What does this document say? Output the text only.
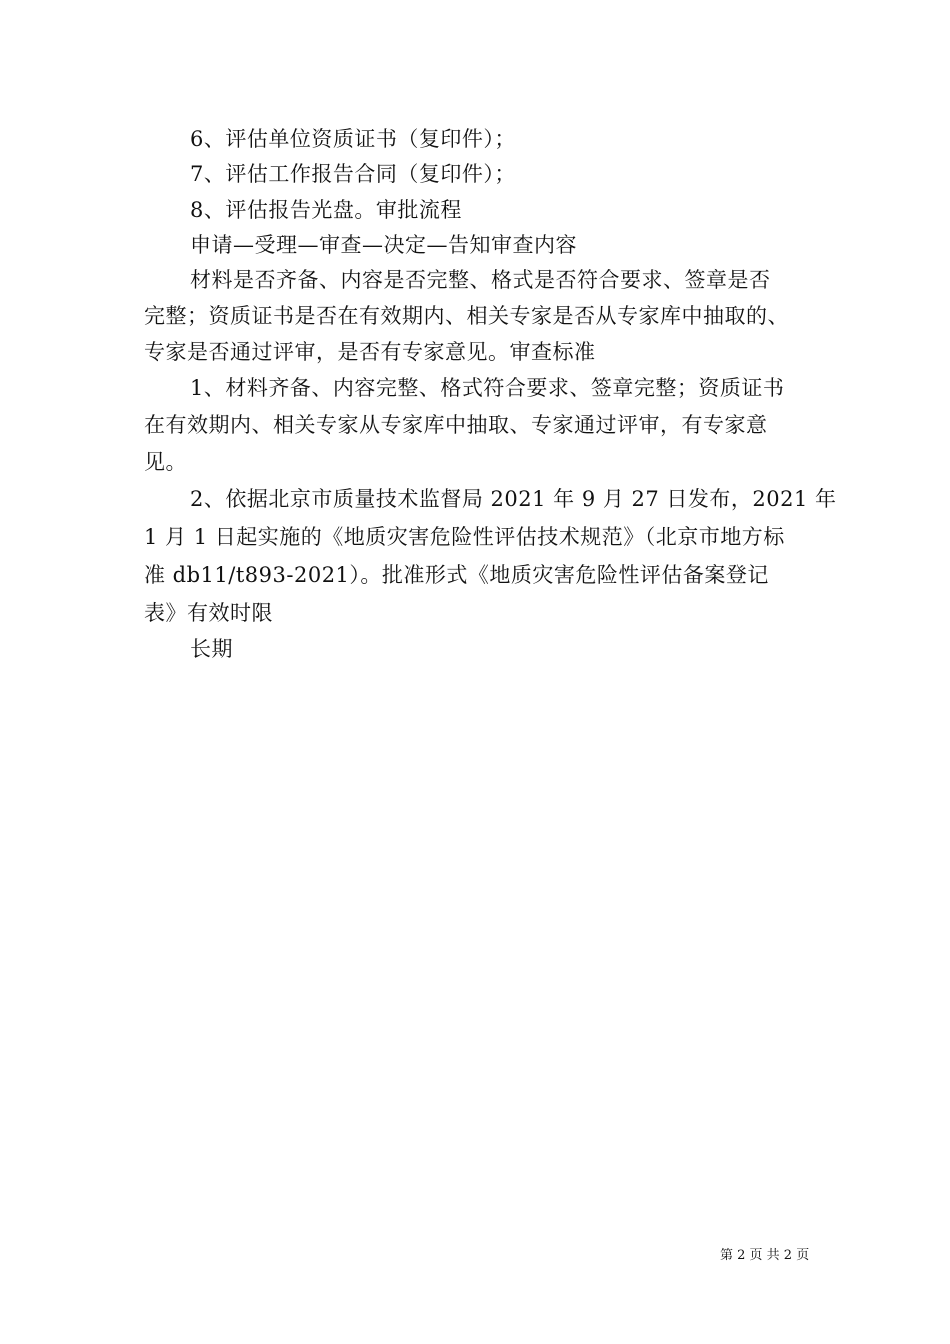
6、评估单位资质证书（复印件）；
7、评估工作报告合同（复印件）；
8、评估报告光盘。审批流程
申请—受理—审查—决定—告知审查内容
材料是否齐备、内容是否完整、格式是否符合要求、签章是否
完整；资质证书是否在有效期内、相关专家是否从专家库中抽取的、
专家是否通过评审，是否有专家意见。审查标准
1、材料齐备、内容完整、格式符合要求、签章完整；资质证书
在有效期内、相关专家从专家库中抽取、专家通过评审，有专家意
见。
2、依据北京市质量技术监督局 2021 年 9 月 27 日发布，2021 年
1 月 1 日起实施的《地质灾害危险性评估技术规范》（北京市地方标
准 db11/t893-2021）。批准形式《地质灾害危险性评估备案登记
表》有效时限
长期
第 2 页 共 2 页
